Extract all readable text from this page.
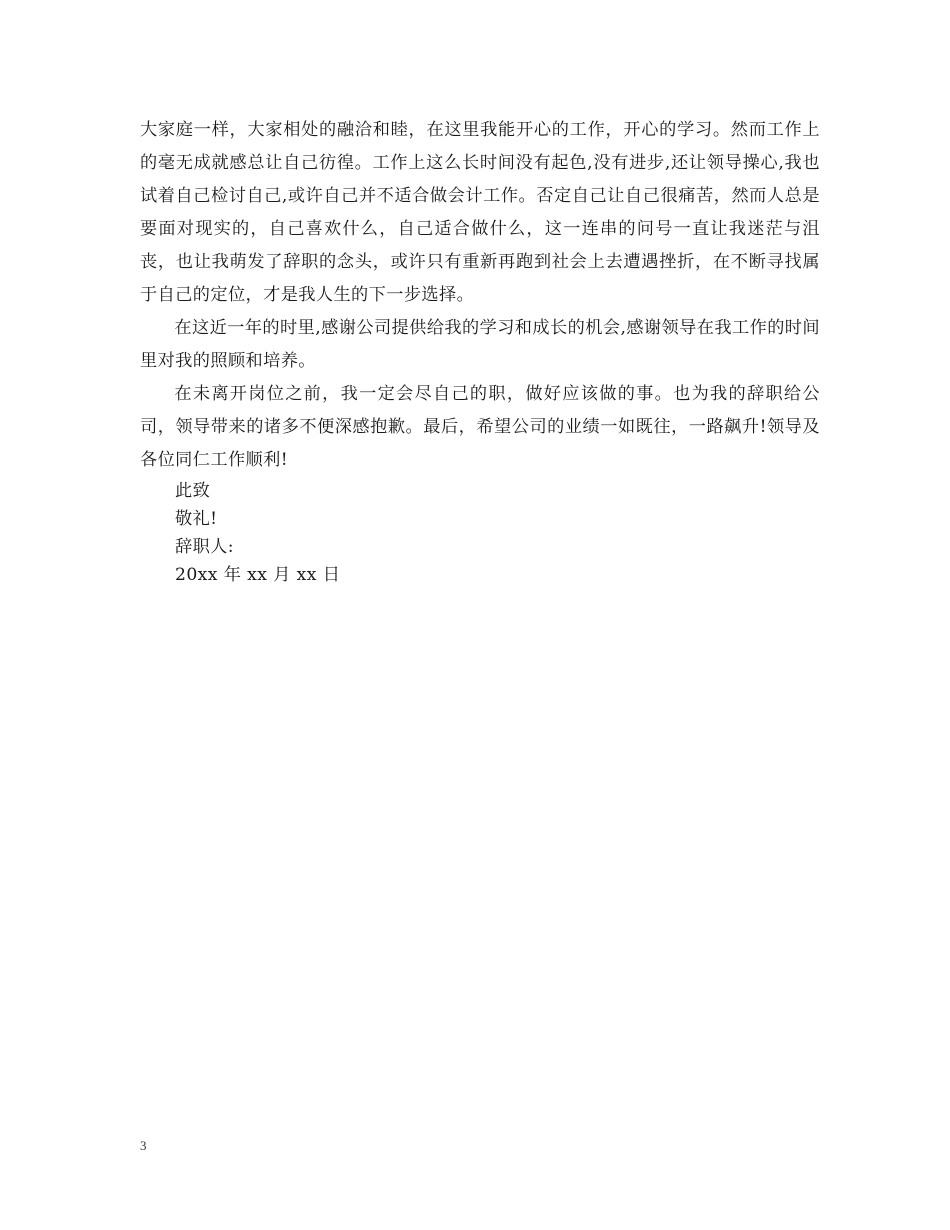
大家庭一样，大家相处的融洽和睦，在这里我能开心的工作，开心的学习。然而工作上的毫无成就感总让自己彷徨。工作上这么长时间没有起色,没有进步,还让领导操心,我也试着自己检讨自己,或许自己并不适合做会计工作。否定自己让自己很痛苦，然而人总是要面对现实的，自己喜欢什么，自己适合做什么，这一连串的问号一直让我迷茫与沮丧，也让我萌发了辞职的念头，或许只有重新再跑到社会上去遭遇挫折，在不断寻找属于自己的定位，才是我人生的下一步选择。

在这近一年的时里,感谢公司提供给我的学习和成长的机会,感谢领导在我工作的时间里对我的照顾和培养。

在未离开岗位之前，我一定会尽自己的职，做好应该做的事。也为我的辞职给公司，领导带来的诸多不便深感抱歉。最后，希望公司的业绩一如既往，一路飙升!领导及各位同仁工作顺利!

此致

敬礼!

辞职人:

20xx 年 xx 月 xx 日

3
